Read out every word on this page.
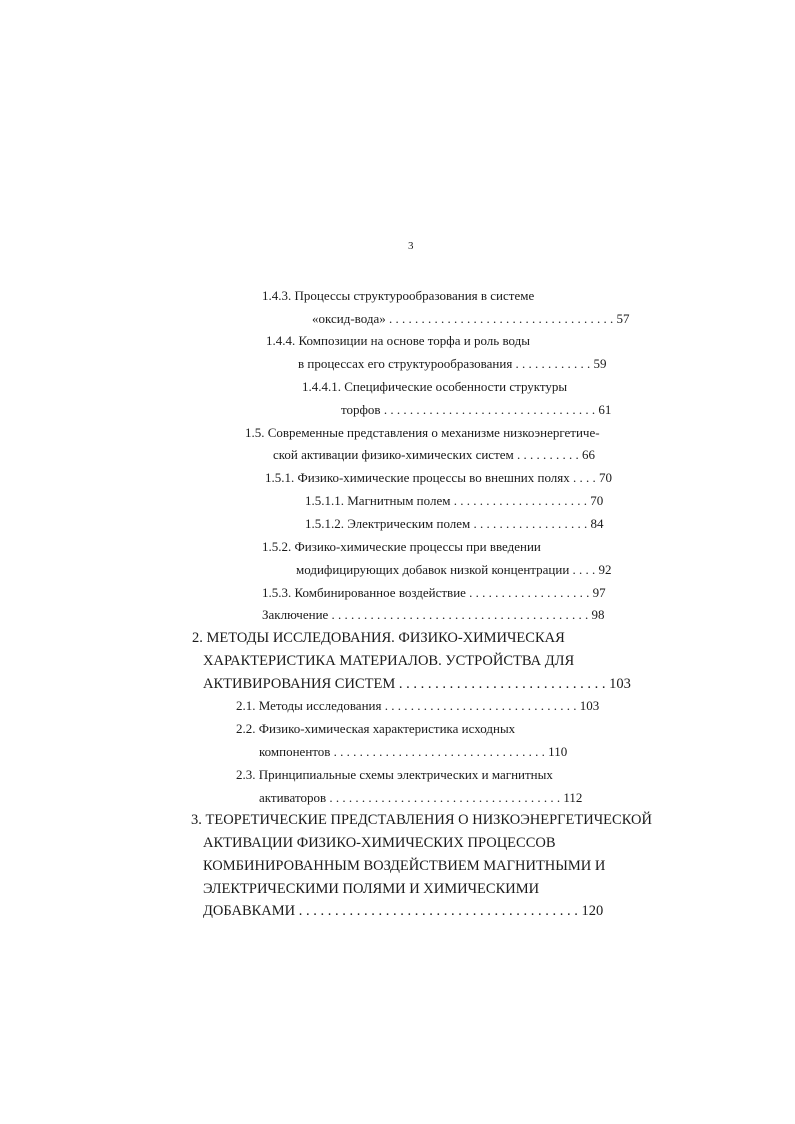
3
1.4.3. Процессы структурообразования в системе
«оксид-вода» . . . . . . . . . . . . . . . . . . . . . . . . . . . . . . . . . . . 57
1.4.4. Композиции на основе торфа и роль воды
в процессах его структурообразования . . . . . . . . . . . . 59
1.4.4.1. Специфические особенности структуры
торфов . . . . . . . . . . . . . . . . . . . . . . . . . . . . . . . . . 61
1.5. Современные представления о механизме низкоэнергетиче-
ской активации физико-химических систем . . . . . . . . . . 66
1.5.1. Физико-химические процессы во внешних полях . . . . 70
1.5.1.1. Магнитным полем . . . . . . . . . . . . . . . . . . . . . 70
1.5.1.2. Электрическим полем . . . . . . . . . . . . . . . . . . 84
1.5.2. Физико-химические процессы при введении
модифицирующих добавок низкой концентрации . . . . 92
1.5.3. Комбинированное воздействие . . . . . . . . . . . . . . . . . . . 97
Заключение . . . . . . . . . . . . . . . . . . . . . . . . . . . . . . . . . . . . . . . . 98
2. МЕТОДЫ ИССЛЕДОВАНИЯ. ФИЗИКО-ХИМИЧЕСКАЯ
ХАРАКТЕРИСТИКА МАТЕРИАЛОВ. УСТРОЙСТВА ДЛЯ
АКТИВИРОВАНИЯ СИСТЕМ . . . . . . . . . . . . . . . . . . . . . . . . . . . . . 103
2.1. Методы исследования . . . . . . . . . . . . . . . . . . . . . . . . . . . . . . 103
2.2. Физико-химическая характеристика исходных
компонентов . . . . . . . . . . . . . . . . . . . . . . . . . . . . . . . . . 110
2.3. Принципиальные схемы электрических и магнитных
активаторов . . . . . . . . . . . . . . . . . . . . . . . . . . . . . . . . . . . . 112
3. ТЕОРЕТИЧЕСКИЕ ПРЕДСТАВЛЕНИЯ О НИЗКОЭНЕРГЕТИЧЕСКОЙ
АКТИВАЦИИ ФИЗИКО-ХИМИЧЕСКИХ ПРОЦЕССОВ
КОМБИНИРОВАННЫМ ВОЗДЕЙСТВИЕМ МАГНИТНЫМИ И
ЭЛЕКТРИЧЕСКИМИ ПОЛЯМИ И ХИМИЧЕСКИМИ
ДОБАВКАМИ . . . . . . . . . . . . . . . . . . . . . . . . . . . . . . . . . . . . . . . 120
